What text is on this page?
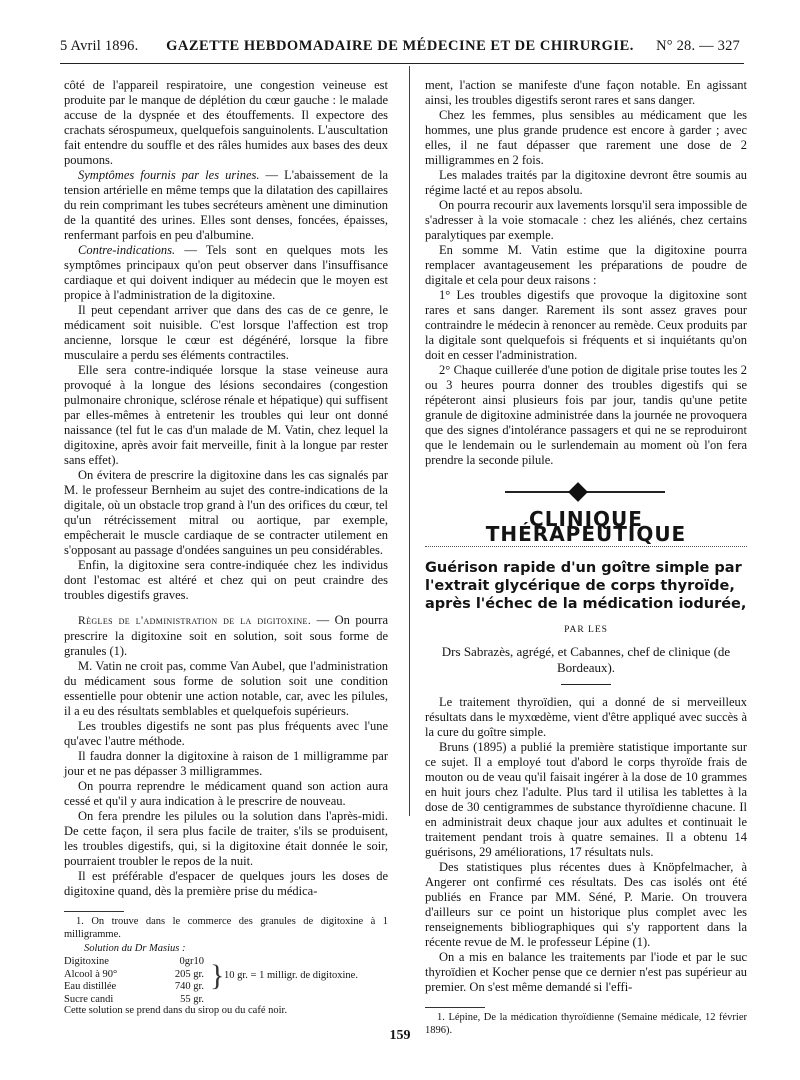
5 Avril 1896.	GAZETTE HEBDOMADAIRE DE MÉDECINE ET DE CHIRURGIE.	N° 28. — 327

côté de l'appareil respiratoire, une congestion veineuse est produite par le manque de déplétion du cœur gauche : le malade accuse de la dyspnée et des étouffements. Il expectore des crachats sérospumeux, quelquefois sanguinolents. L'auscultation fait entendre du souffle et des râles humides aux bases des deux poumons.

Symptômes fournis par les urines. — L'abaissement de la tension artérielle en même temps que la dilatation des capillaires du rein comprimant les tubes secréteurs amènent une diminution de la quantité des urines. Elles sont denses, foncées, épaisses, renfermant parfois en peu d'albumine.

Contre-indications. — Tels sont en quelques mots les symptômes principaux qu'on peut observer dans l'insuffisance cardiaque et qui doivent indiquer au médecin que le moyen est propice à l'administration de la digitoxine.

Il peut cependant arriver que dans des cas de ce genre, le médicament soit nuisible. C'est lorsque l'affection est trop ancienne, lorsque le cœur est dégénéré, lorsque la fibre musculaire a perdu ses éléments contractiles.

Elle sera contre-indiquée lorsque la stase veineuse aura provoqué à la longue des lésions secondaires (congestion pulmonaire chronique, sclérose rénale et hépatique) qui suffisent par elles-mêmes à entretenir les troubles qui leur ont donné naissance (tel fut le cas d'un malade de M. Vatin, chez lequel la digitoxine, après avoir fait merveille, finit à la longue par rester sans effet).

On évitera de prescrire la digitoxine dans les cas signalés par M. le professeur Bernheim au sujet des contre-indications de la digitale, où un obstacle trop grand à l'un des orifices du cœur, tel qu'un rétrécissement mitral ou aortique, par exemple, empêcherait le muscle cardiaque de se contracter utilement en s'opposant au passage d'ondées sanguines un peu considérables.

Enfin, la digitoxine sera contre-indiquée chez les individus dont l'estomac est altéré et chez qui on peut craindre des troubles digestifs graves.

Règles de l'administration de la digitoxine. — On pourra prescrire la digitoxine soit en solution, soit sous forme de granules (1).

M. Vatin ne croit pas, comme Van Aubel, que l'administration du médicament sous forme de solution soit une condition essentielle pour obtenir une action notable, car, avec les pilules, il a eu des résultats semblables et quelquefois supérieurs.

Les troubles digestifs ne sont pas plus fréquents avec l'une qu'avec l'autre méthode.

Il faudra donner la digitoxine à raison de 1 milligramme par jour et ne pas dépasser 3 milligrammes.

On pourra reprendre le médicament quand son action aura cessé et qu'il y aura indication à le prescrire de nouveau.

On fera prendre les pilules ou la solution dans l'après-midi. De cette façon, il sera plus facile de traiter, s'ils se produisent, les troubles digestifs, qui, si la digitoxine était donnée le soir, pourraient troubler le repos de la nuit.

Il est préférable d'espacer de quelques jours les doses de digitoxine quand, dès la première prise du médica-

1. On trouve dans le commerce des granules de digitoxine à 1 milligramme.

Solution du Dr Masius :
Digitoxine	0gr10
Alcool à 90°	205 gr.
Eau distillée	740 gr.
Sucre candi	55 gr.
} 10 gr. = 1 milligr. de digitoxine.
Cette solution se prend dans du sirop ou du café noir.

ment, l'action se manifeste d'une façon notable. En agissant ainsi, les troubles digestifs seront rares et sans danger.

Chez les femmes, plus sensibles au médicament que les hommes, une plus grande prudence est encore à garder ; avec elles, il ne faut dépasser que rarement une dose de 2 milligrammes en 2 fois.

Les malades traités par la digitoxine devront être soumis au régime lacté et au repos absolu.

On pourra recourir aux lavements lorsqu'il sera impossible de s'adresser à la voie stomacale : chez les aliénés, chez certains paralytiques par exemple.

En somme M. Vatin estime que la digitoxine pourra remplacer avantageusement les préparations de poudre de digitale et cela pour deux raisons :

1° Les troubles digestifs que provoque la digitoxine sont rares et sans danger. Rarement ils sont assez graves pour contraindre le médecin à renoncer au remède. Ceux produits par la digitale sont quelquefois si fréquents et si inquiétants qu'on doit en cesser l'administration.

2° Chaque cuillerée d'une potion de digitale prise toutes les 2 ou 3 heures pourra donner des troubles digestifs qui se répéteront ainsi plusieurs fois par jour, tandis qu'une petite granule de digitoxine administrée dans la journée ne provoquera que des signes d'intolérance passagers et qui ne se reproduiront que le lendemain ou le surlendemain au moment où l'on fera prendre la seconde pilule.

CLINIQUE THÉRAPEUTIQUE
Guérison rapide d'un goître simple par l'extrait glycérique de corps thyroïde, après l'échec de la médication iodurée,
PAR LES
Drs Sabrazès, agrégé, et Cabannes, chef de clinique (de Bordeaux).

Le traitement thyroïdien, qui a donné de si merveilleux résultats dans le myxœdème, vient d'être appliqué avec succès à la cure du goître simple.

Bruns (1895) a publié la première statistique importante sur ce sujet. Il a employé tout d'abord le corps thyroïde frais de mouton ou de veau qu'il faisait ingérer à la dose de 10 grammes en huit jours chez l'adulte. Plus tard il utilisa les tablettes à la dose de 30 centigrammes de substance thyroïdienne chacune. Il en administrait deux chaque jour aux adultes et continuait le traitement pendant trois à quatre semaines. Il a obtenu 14 guérisons, 29 améliorations, 17 résultats nuls.

Des statistiques plus récentes dues à Knöpfelmacher, à Angerer ont confirmé ces résultats. Des cas isolés ont été publiés en France par MM. Séné, P. Marie. On trouvera d'ailleurs sur ce point un historique plus complet avec les renseignements bibliographiques qui s'y rapportent dans la récente revue de M. le professeur Lépine (1).

On a mis en balance les traitements par l'iode et par le suc thyroïdien et Kocher pense que ce dernier n'est pas supérieur au premier. On s'est même demandé si l'effi-

1. Lépine, De la médication thyroïdienne (Semaine médicale, 12 février 1896).

159
